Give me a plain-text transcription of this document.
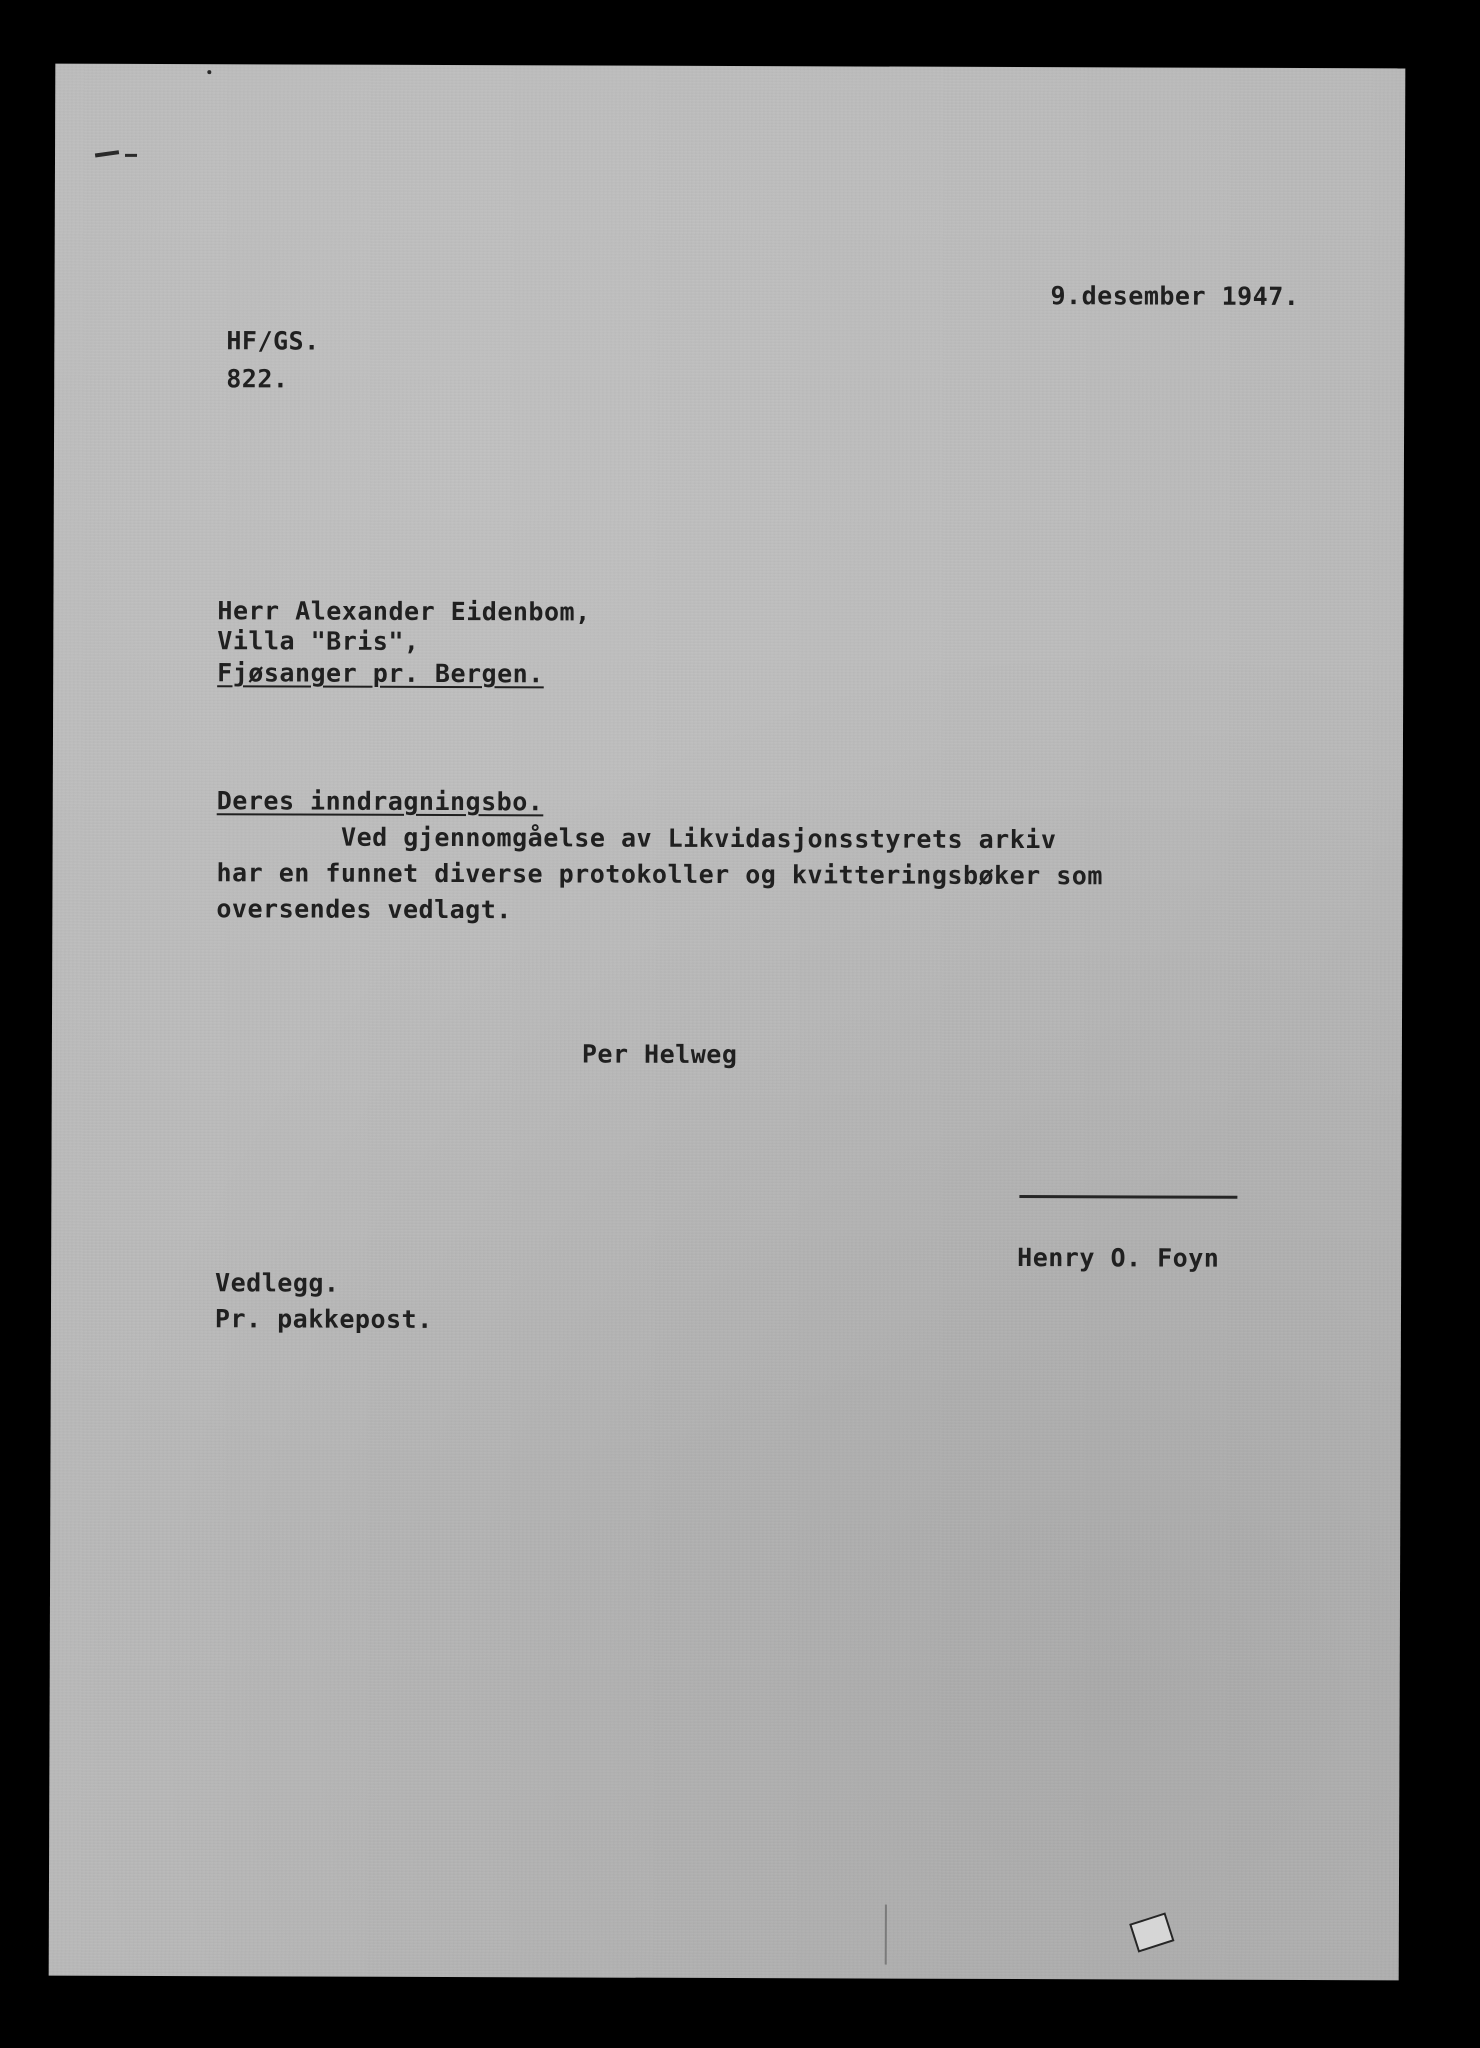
9.desember 1947.
HF/GS.
822.
Herr Alexander Eidenbom,
Villa "Bris",
Fjøsanger pr. Bergen.
Deres inndragningsbo.
Ved gjennomgåelse av Likvidasjonsstyrets arkiv
har en funnet diverse protokoller og kvitteringsbøker som
oversendes vedlagt.
Per Helweg
Henry O. Foyn
Vedlegg.
Pr. pakkepost.
